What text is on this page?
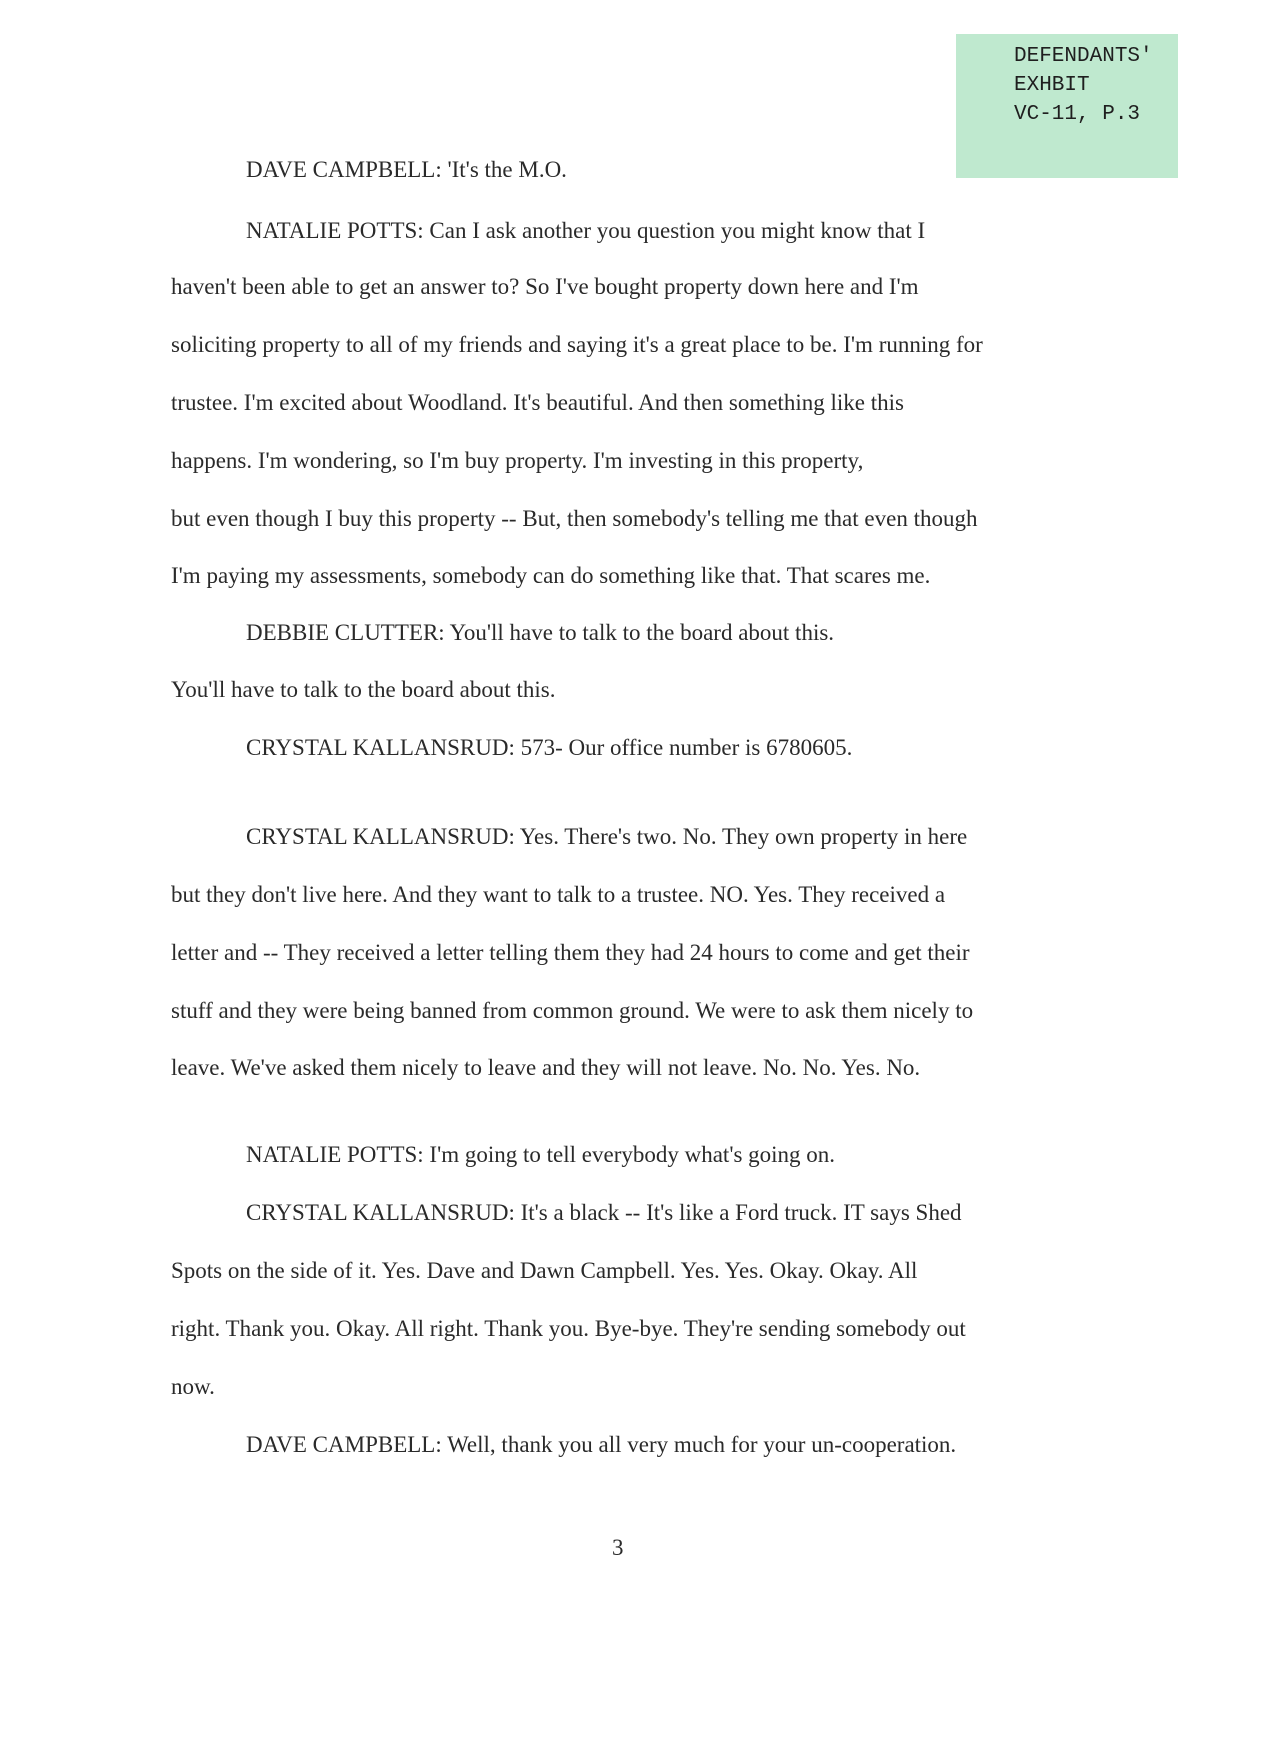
DEFENDANTS'
EXHBIT
VC-11, P.3
DAVE CAMPBELL: 'It's the M.O.
NATALIE POTTS: Can I ask another you question you might know that I
haven't been able to get an answer to? So I've bought property down here and I'm
soliciting property to all of my friends and saying it's a great place to be. I'm running for
trustee. I'm excited about Woodland. It's beautiful. And then something like this
happens. I'm wondering, so I'm buy property. I'm investing in this property,
but even though I buy this property -- But, then somebody's telling me that even though
I'm paying my assessments, somebody can do something like that. That scares me.
DEBBIE CLUTTER: You'll have to talk to the board about this.
You'll have to talk to the board about this.
CRYSTAL KALLANSRUD: 573- Our office number is 6780605.
CRYSTAL KALLANSRUD: Yes. There's two. No. They own property in here
but they don't live here. And they want to talk to a trustee. NO. Yes. They received a
letter and -- They received a letter telling them they had 24 hours to come and get their
stuff and they were being banned from common ground. We were to ask them nicely to
leave. We've asked them nicely to leave and they will not leave. No. No. Yes. No.
NATALIE POTTS: I'm going to tell everybody what's going on.
CRYSTAL KALLANSRUD: It's a black -- It's like a Ford truck. IT says Shed
Spots on the side of it. Yes. Dave and Dawn Campbell. Yes. Yes. Okay. Okay. All
right. Thank you. Okay. All right. Thank you. Bye-bye. They're sending somebody out
now.
DAVE CAMPBELL: Well, thank you all very much for your un-cooperation.
3
